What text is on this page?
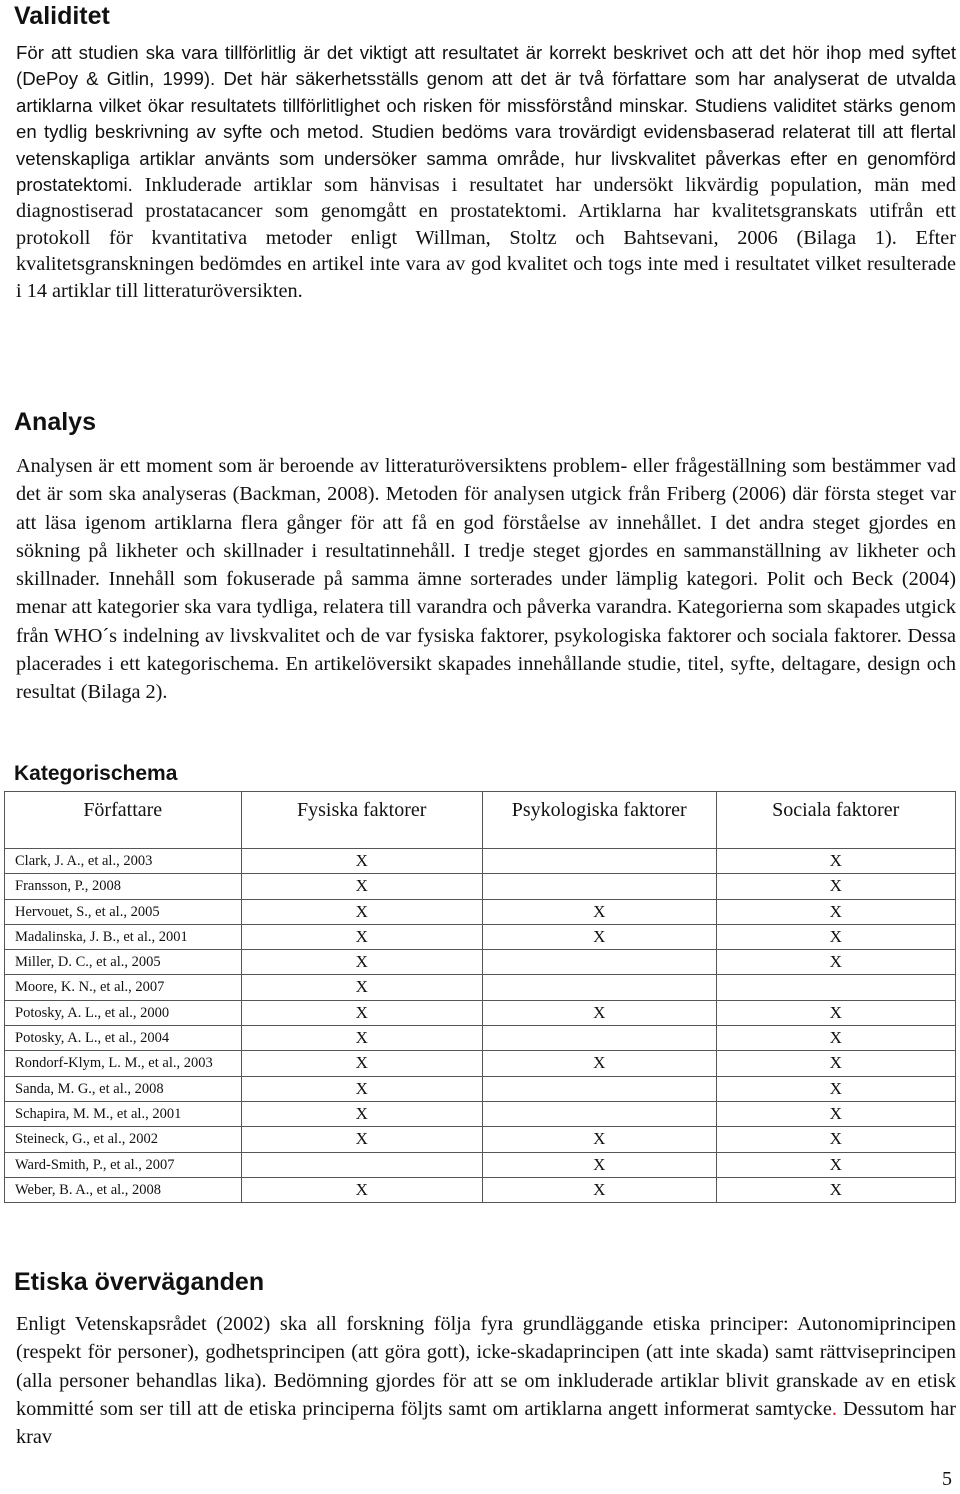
Validitet

För att studien ska vara tillförlitlig är det viktigt att resultatet är korrekt beskrivet och att det hör ihop med syftet (DePoy & Gitlin, 1999). Det här säkerhetsställs genom att det är två författare som har analyserat de utvalda artiklarna vilket ökar resultatets tillförlitlighet och risken för missförstånd minskar. Studiens validitet stärks genom en tydlig beskrivning av syfte och metod. Studien bedöms vara trovärdigt evidensbaserad relaterat till att flertal vetenskapliga artiklar använts som undersöker samma område, hur livskvalitet påverkas efter en genomförd prostatektomi. Inkluderade artiklar som hänvisas i resultatet har undersökt likvärdig population, män med diagnostiserad prostatacancer som genomgått en prostatektomi. Artiklarna har kvalitetsgranskats utifrån ett protokoll för kvantitativa metoder enligt Willman, Stoltz och Bahtsevani, 2006 (Bilaga 1). Efter kvalitetsgranskningen bedömdes en artikel inte vara av god kvalitet och togs inte med i resultatet vilket resulterade i 14 artiklar till litteraturöversikten.

Analys

Analysen är ett moment som är beroende av litteraturöversiktens problem- eller frågeställning som bestämmer vad det är som ska analyseras (Backman, 2008). Metoden för analysen utgick från Friberg (2006) där första steget var att läsa igenom artiklarna flera gånger för att få en god förståelse av innehållet. I det andra steget gjordes en sökning på likheter och skillnader i resultatinnehåll. I tredje steget gjordes en sammanställning av likheter och skillnader. Innehåll som fokuserade på samma ämne sorterades under lämplig kategori. Polit och Beck (2004) menar att kategorier ska vara tydliga, relatera till varandra och påverka varandra. Kategorierna som skapades utgick från WHO´s indelning av livskvalitet och de var fysiska faktorer, psykologiska faktorer och sociala faktorer. Dessa placerades i ett kategorischema. En artikelöversikt skapades innehållande studie, titel, syfte, deltagare, design och resultat (Bilaga 2).

Kategorischema
Författare	Fysiska faktorer	Psykologiska faktorer	Sociala faktorer
Clark, J. A., et al., 2003	X		X
Fransson, P., 2008	X		X
Hervouet, S., et al., 2005	X	X	X
Madalinska, J. B., et al., 2001	X	X	X
Miller, D. C., et al., 2005	X		X
Moore, K. N., et al., 2007	X		
Potosky, A. L., et al., 2000	X	X	X
Potosky, A. L., et al., 2004	X		X
Rondorf-Klym, L. M., et al., 2003	X	X	X
Sanda, M. G., et al., 2008	X		X
Schapira, M. M., et al., 2001	X		X
Steineck, G., et al., 2002	X	X	X
Ward-Smith, P., et al., 2007		X	X
Weber, B. A., et al., 2008	X	X	X
Etiska överväganden

Enligt Vetenskapsrådet (2002) ska all forskning följa fyra grundläggande etiska principer: Autonomiprincipen (respekt för personer), godhetsprincipen (att göra gott), icke-skadaprincipen (att inte skada) samt rättviseprincipen (alla personer behandlas lika). Bedömning gjordes för att se om inkluderade artiklar blivit granskade av en etisk kommitté som ser till att de etiska principerna följts samt om artiklarna angett informerat samtycke. Dessutom har krav

5
